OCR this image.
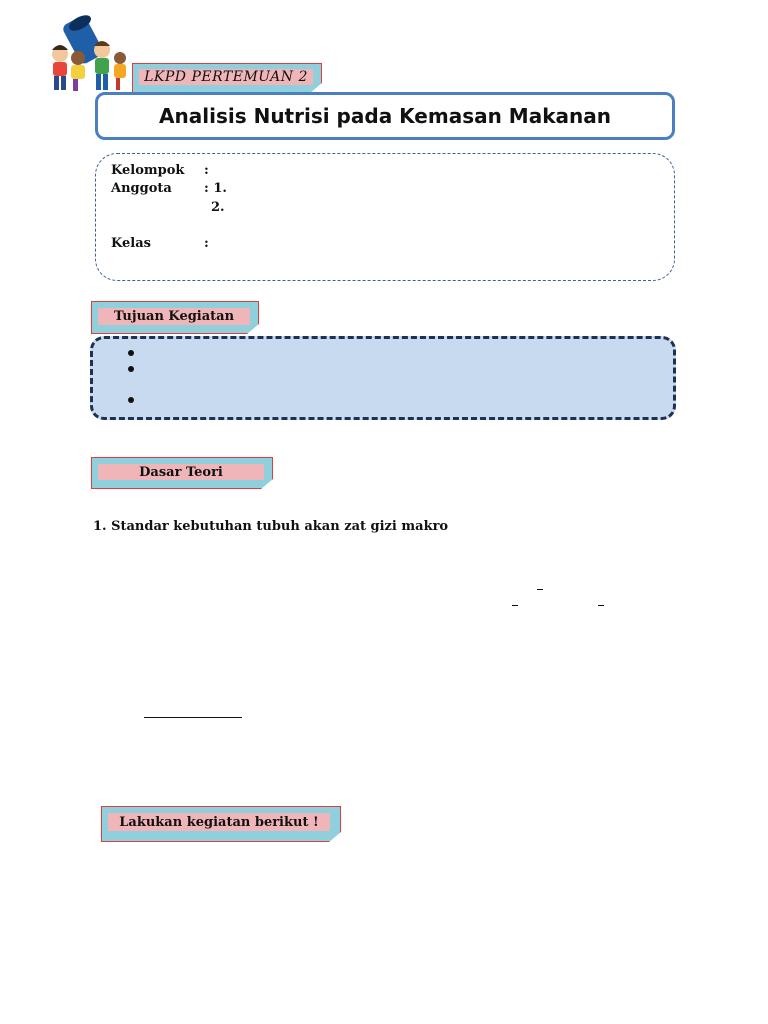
LKPD PERTEMUAN 2
Analisis Nutrisi pada Kemasan Makanan
Kelompok :
Anggota : 1.
2.
Kelas	:
Tujuan Kegiatan
Dasar Teori
1. Standar kebutuhan tubuh akan zat gizi makro
Lakukan kegiatan berikut !
